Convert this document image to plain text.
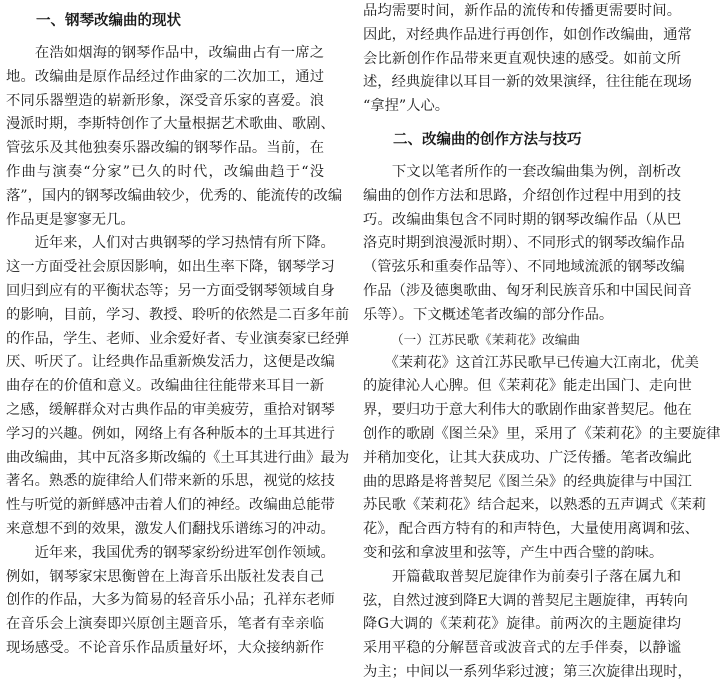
一、钢琴改编曲的现状
　　在浩如烟海的钢琴作品中，改编曲占有一席之
地。改编曲是原作品经过作曲家的二次加工，通过
不同乐器塑造的崭新形象，深受音乐家的喜爱。浪
漫派时期，李斯特创作了大量根据艺术歌曲、歌剧、
管弦乐及其他独奏乐器改编的钢琴作品。当前，在
作曲与演奏“分家”已久的时代，改编曲趋于“没
落”，国内的钢琴改编曲较少，优秀的、能流传的改编
作品更是寥寥无几。
　　近年来，人们对古典钢琴的学习热情有所下降。
这一方面受社会原因影响，如出生率下降，钢琴学习
回归到应有的平衡状态等；另一方面受钢琴领域自身
的影响，目前，学习、教授、聆听的依然是二百多年前
的作品，学生、老师、业余爱好者、专业演奏家已经弹
厌、听厌了。让经典作品重新焕发活力，这便是改编
曲存在的价值和意义。改编曲往往能带来耳目一新
之感，缓解群众对古典作品的审美疲劳，重拾对钢琴
学习的兴趣。例如，网络上有各种版本的土耳其进行
曲改编曲，其中瓦洛多斯改编的《土耳其进行曲》最为
著名。熟悉的旋律给人们带来新的乐思，视觉的炫技
性与听觉的新鲜感冲击着人们的神经。改编曲总能带
来意想不到的效果，激发人们翻找乐谱练习的冲动。
　　近年来，我国优秀的钢琴家纷纷进军创作领域。
例如，钢琴家宋思衡曾在上海音乐出版社发表自己
创作的作品，大多为简易的轻音乐小品；孔祥东老师
在音乐会上演奏即兴原创主题音乐，笔者有幸亲临
现场感受。不论音乐作品质量好坏，大众接纳新作
品均需要时间，新作品的流传和传播更需要时间。
因此，对经典作品进行再创作，如创作改编曲，通常
会比新创作作品带来更直观快速的感受。如前文所
述，经典旋律以耳目一新的效果演绎，往往能在现场
“拿捏”人心。
二、改编曲的创作方法与技巧
　　下文以笔者所作的一套改编曲集为例，剖析改
编曲的创作方法和思路，介绍创作过程中用到的技
巧。改编曲集包含不同时期的钢琴改编作品（从巴
洛克时期到浪漫派时期）、不同形式的钢琴改编作品
（管弦乐和重奏作品等）、不同地域流派的钢琴改编
作品（涉及德奥歌曲、匈牙利民族音乐和中国民间音
乐等）。下文概述笔者改编的部分作品。
（一）江苏民歌《茉莉花》改编曲
　　《茉莉花》这首江苏民歌早已传遍大江南北，优美
的旋律沁人心脾。但《茉莉花》能走出国门、走向世
界，要归功于意大利伟大的歌剧作曲家普契尼。他在
创作的歌剧《图兰朵》里，采用了《茉莉花》的主要旋律
并稍加变化，让其大获成功、广泛传播。笔者改编此
曲的思路是将普契尼《图兰朵》的经典旋律与中国江
苏民歌《茉莉花》结合起来，以熟悉的五声调式《茉莉
花》，配合西方特有的和声特色，大量使用离调和弦、
变和弦和拿波里和弦等，产生中西合璧的韵味。
　　开篇截取普契尼旋律作为前奏引子落在属九和
弦，自然过渡到降E大调的普契尼主题旋律，再转向
降G大调的《茉莉花》旋律。前两次的主题旋律均
采用平稳的分解琶音或波音式的左手伴奏，以静谧
为主；中间以一系列华彩过渡；第三次旋律出现时，
